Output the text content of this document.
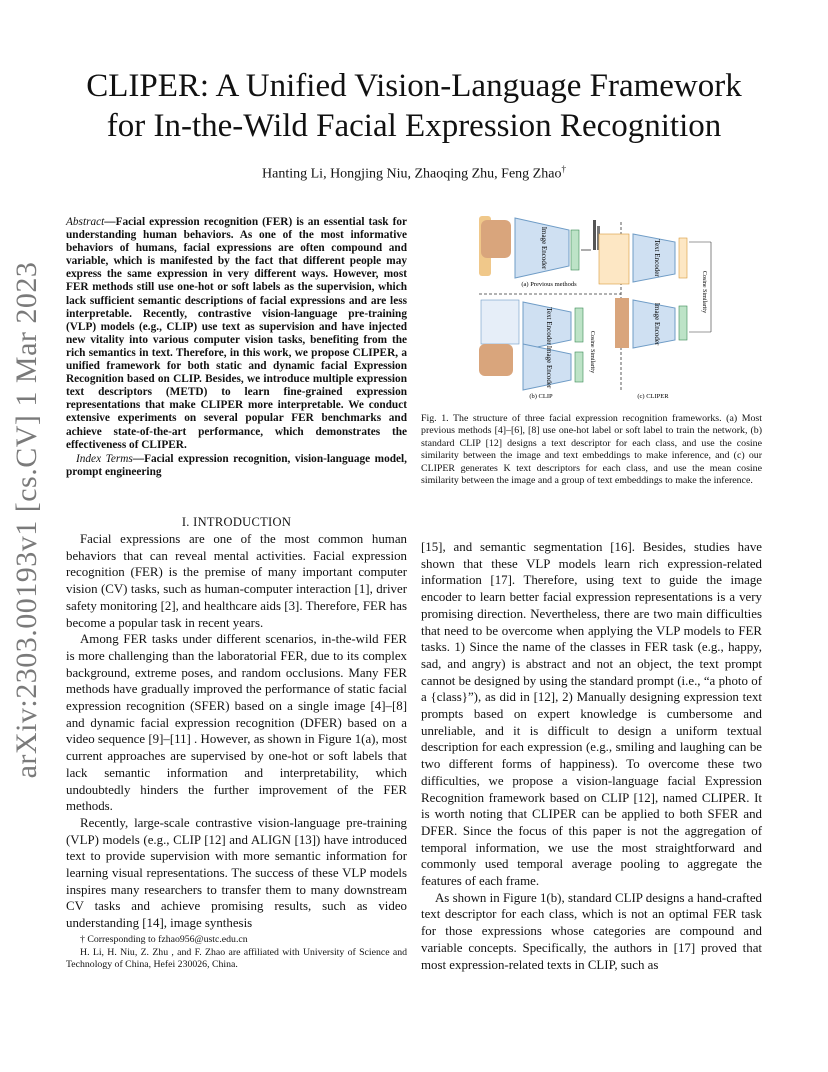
arXiv:2303.00193v1 [cs.CV] 1 Mar 2023
CLIPER: A Unified Vision-Language Framework
for In-the-Wild Facial Expression Recognition
Hanting Li, Hongjing Niu, Zhaoqing Zhu, Feng Zhao†
Abstract—Facial expression recognition (FER) is an essential task for understanding human behaviors. As one of the most informative behaviors of humans, facial expressions are often compound and variable, which is manifested by the fact that different people may express the same expression in very different ways. However, most FER methods still use one-hot or soft labels as the supervision, which lack sufficient semantic descriptions of facial expressions and are less interpretable. Recently, contrastive vision-language pre-training (VLP) models (e.g., CLIP) use text as supervision and have injected new vitality into various computer vision tasks, benefiting from the rich semantics in text. Therefore, in this work, we propose CLIPER, a unified framework for both static and dynamic facial Expression Recognition based on CLIP. Besides, we introduce multiple expression text descriptors (METD) to learn fine-grained expression representations that make CLIPER more interpretable. We conduct extensive experiments on several popular FER benchmarks and achieve state-of-the-art performance, which demonstrates the effectiveness of CLIPER.
Index Terms—Facial expression recognition, vision-language model, prompt engineering
I. INTRODUCTION

Facial expressions are one of the most common human behaviors that can reveal mental activities. Facial expression recognition (FER) is the premise of many important computer vision (CV) tasks, such as human-computer interaction [1], driver safety monitoring [2], and healthcare aids [3]. Therefore, FER has become a popular task in recent years.

Among FER tasks under different scenarios, in-the-wild FER is more challenging than the laboratorial FER, due to its complex background, extreme poses, and random occlusions. Many FER methods have gradually improved the performance of static facial expression recognition (SFER) based on a single image [4]–[8] and dynamic facial expression recognition (DFER) based on a video sequence [9]–[11] . However, as shown in Figure 1(a), most current approaches are supervised by one-hot or soft labels that lack semantic information and interpretability, which undoubtedly hinders the further improvement of the FER methods.

Recently, large-scale contrastive vision-language pre-training (VLP) models (e.g., CLIP [12] and ALIGN [13]) have introduced text to provide supervision with more semantic information for learning visual representations. The success of these VLP models inspires many researchers to transfer them to many downstream CV tasks and achieve promising results, such as video understanding [14], image synthesis

† Corresponding to fzhao956@ustc.edu.cn
H. Li, H. Niu, Z. Zhu , and F. Zhao are affiliated with University of Science and Technology of China, Hefei 230026, China.
Image Encoder
(a) Previous methods
Text Encoder
Image Encoder	Cosine Similarity
(b) CLIP
Text Encoder
Image Encoder
Cosine Similarity
(c) CLIPER
Fig. 1. The structure of three facial expression recognition frameworks. (a) Most previous methods [4]–[6], [8] use one-hot label or soft label to train the network, (b) standard CLIP [12] designs a text descriptor for each class, and use the cosine similarity between the image and text embeddings to make inference, and (c) our CLIPER generates K text descriptors for each class, and use the mean cosine similarity between the image and a group of text embeddings to make the inference.

[15], and semantic segmentation [16]. Besides, studies have shown that these VLP models learn rich expression-related information [17]. Therefore, using text to guide the image encoder to learn better facial expression representations is a very promising direction. Nevertheless, there are two main difficulties that need to be overcome when applying the VLP models to FER tasks. 1) Since the name of the classes in FER task (e.g., happy, sad, and angry) is abstract and not an object, the text prompt cannot be designed by using the standard prompt (i.e., “a photo of a {class}”), as did in [12], 2) Manually designing expression text prompts based on expert knowledge is cumbersome and unreliable, and it is difficult to design a uniform textual description for each expression (e.g., smiling and laughing can be two different forms of happiness). To overcome these two difficulties, we propose a vision-language facial Expression Recognition framework based on CLIP [12], named CLIPER. It is worth noting that CLIPER can be applied to both SFER and DFER. Since the focus of this paper is not the aggregation of temporal information, we use the most straightforward and commonly used temporal average pooling to aggregate the features of each frame.

As shown in Figure 1(b), standard CLIP designs a hand-crafted text descriptor for each class, which is not an optimal FER task for those expressions whose categories are compound and variable concepts. Specifically, the authors in [17] proved that most expression-related texts in CLIP, such as
